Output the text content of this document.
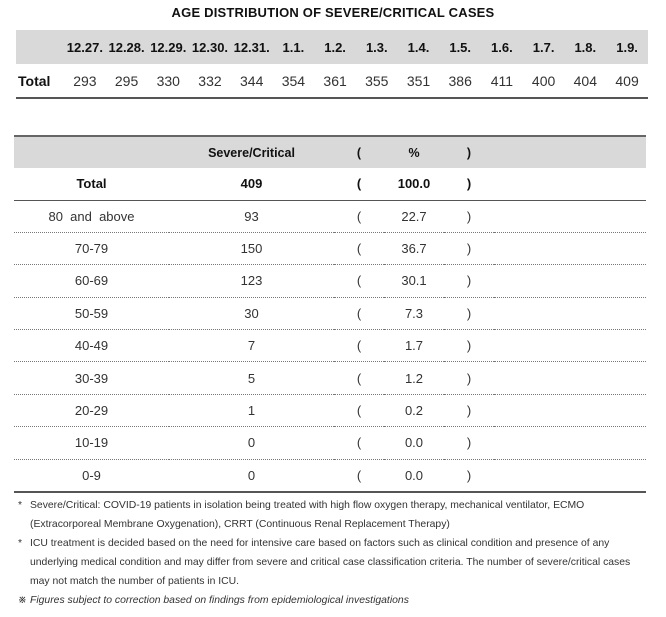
AGE DISTRIBUTION OF SEVERE/CRITICAL CASES
	12.27.	12.28.	12.29.	12.30.	12.31.	1.1.	1.2.	1.3.	1.4.	1.5.	1.6.	1.7.	1.8.	1.9.
Total	293	295	330	332	344	354	361	355	351	386	411	400	404	409
	Severe/Critical	(	%	)	
Total	409	(	100.0	)	
80  and  above	93	(	22.7	)	
70-79	150	(	36.7	)	
60-69	123	(	30.1	)	
50-59	30	(	7.3	)	
40-49	7	(	1.7	)	
30-39	5	(	1.2	)	
20-29	1	(	0.2	)	
10-19	0	(	0.0	)	
0-9	0	(	0.0	)	

* Severe/Critical: COVID-19 patients in isolation being treated with high flow oxygen therapy, mechanical ventilator, ECMO (Extracorporeal Membrane Oxygenation), CRRT (Continuous Renal Replacement Therapy)

* ICU treatment is decided based on the need for intensive care based on factors such as clinical condition and presence of any underlying medical condition and may differ from severe and critical case classification criteria. The number of severe/critical cases may not match the number of patients in ICU.

※ Figures subject to correction based on findings from epidemiological investigations
